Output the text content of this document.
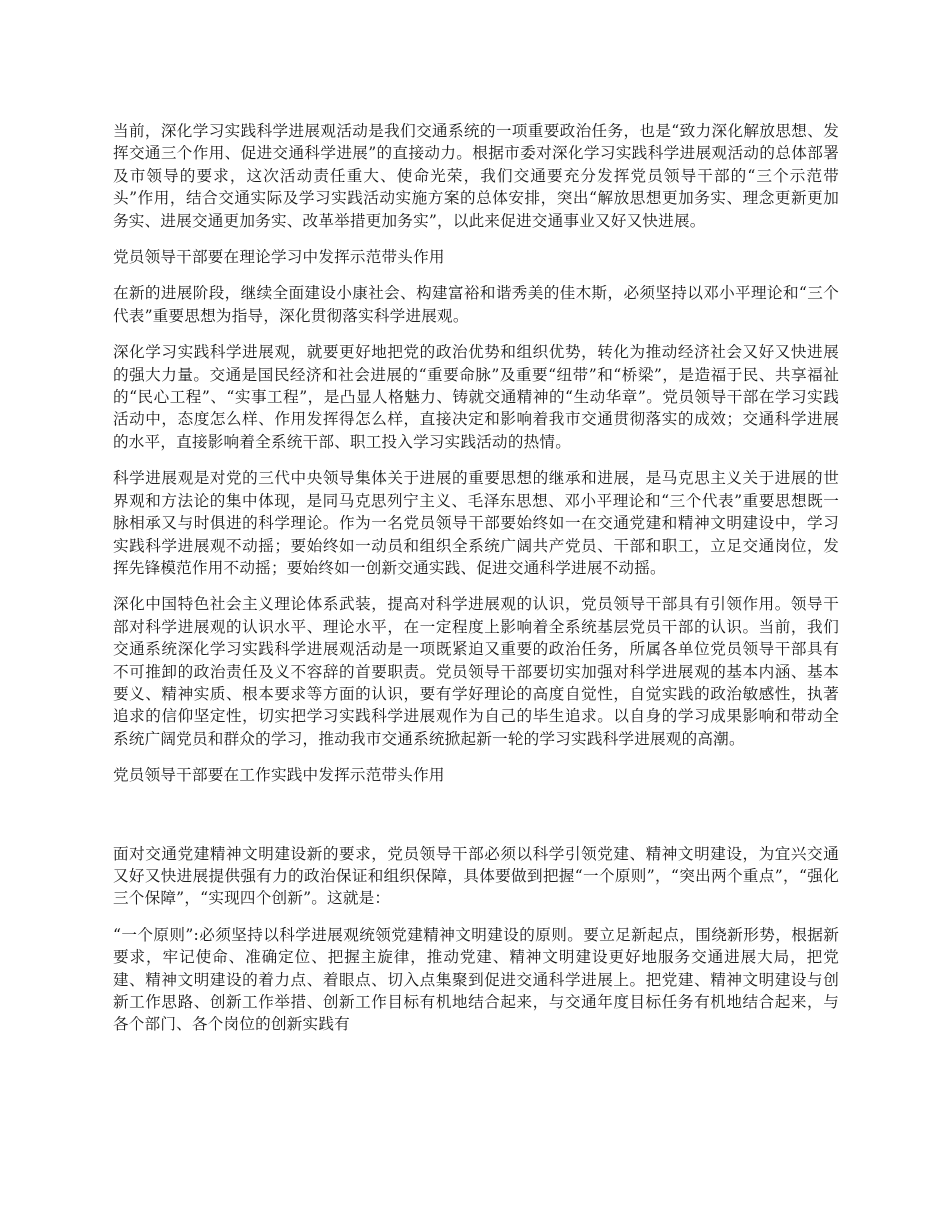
当前，深化学习实践科学进展观活动是我们交通系统的一项重要政治任务，也是“致力深化解放思想、发挥交通三个作用、促进交通科学进展”的直接动力。根据市委对深化学习实践科学进展观活动的总体部署及市领导的要求，这次活动责任重大、使命光荣，我们交通要充分发挥党员领导干部的“三个示范带头”作用，结合交通实际及学习实践活动实施方案的总体安排，突出“解放思想更加务实、理念更新更加务实、进展交通更加务实、改革举措更加务实”，以此来促进交通事业又好又快进展。

党员领导干部要在理论学习中发挥示范带头作用

在新的进展阶段，继续全面建设小康社会、构建富裕和谐秀美的佳木斯，必须坚持以邓小平理论和“三个代表”重要思想为指导，深化贯彻落实科学进展观。

深化学习实践科学进展观，就要更好地把党的政治优势和组织优势，转化为推动经济社会又好又快进展的强大力量。交通是国民经济和社会进展的“重要命脉”及重要“纽带”和“桥梁”，是造福于民、共享福祉的“民心工程”、“实事工程”，是凸显人格魅力、铸就交通精神的“生动华章”。党员领导干部在学习实践活动中，态度怎么样、作用发挥得怎么样，直接决定和影响着我市交通贯彻落实的成效；交通科学进展的水平，直接影响着全系统干部、职工投入学习实践活动的热情。

科学进展观是对党的三代中央领导集体关于进展的重要思想的继承和进展，是马克思主义关于进展的世界观和方法论的集中体现，是同马克思列宁主义、毛泽东思想、邓小平理论和“三个代表”重要思想既一脉相承又与时俱进的科学理论。作为一名党员领导干部要始终如一在交通党建和精神文明建设中，学习实践科学进展观不动摇；要始终如一动员和组织全系统广阔共产党员、干部和职工，立足交通岗位，发挥先锋模范作用不动摇；要始终如一创新交通实践、促进交通科学进展不动摇。

深化中国特色社会主义理论体系武装，提高对科学进展观的认识，党员领导干部具有引领作用。领导干部对科学进展观的认识水平、理论水平，在一定程度上影响着全系统基层党员干部的认识。当前，我们交通系统深化学习实践科学进展观活动是一项既紧迫又重要的政治任务，所属各单位党员领导干部具有不可推卸的政治责任及义不容辞的首要职责。党员领导干部要切实加强对科学进展观的基本内涵、基本要义、精神实质、根本要求等方面的认识，要有学好理论的高度自觉性，自觉实践的政治敏感性，执著追求的信仰坚定性，切实把学习实践科学进展观作为自己的毕生追求。以自身的学习成果影响和带动全系统广阔党员和群众的学习，推动我市交通系统掀起新一轮的学习实践科学进展观的高潮。

党员领导干部要在工作实践中发挥示范带头作用

面对交通党建精神文明建设新的要求，党员领导干部必须以科学引领党建、精神文明建设，为宜兴交通又好又快进展提供强有力的政治保证和组织保障，具体要做到把握“一个原则”，“突出两个重点”，“强化三个保障”，“实现四个创新”。这就是：

“一个原则”:必须坚持以科学进展观统领党建精神文明建设的原则。要立足新起点，围绕新形势，根据新要求，牢记使命、准确定位、把握主旋律，推动党建、精神文明建设更好地服务交通进展大局，把党建、精神文明建设的着力点、着眼点、切入点集聚到促进交通科学进展上。把党建、精神文明建设与创新工作思路、创新工作举措、创新工作目标有机地结合起来，与交通年度目标任务有机地结合起来，与各个部门、各个岗位的创新实践有
